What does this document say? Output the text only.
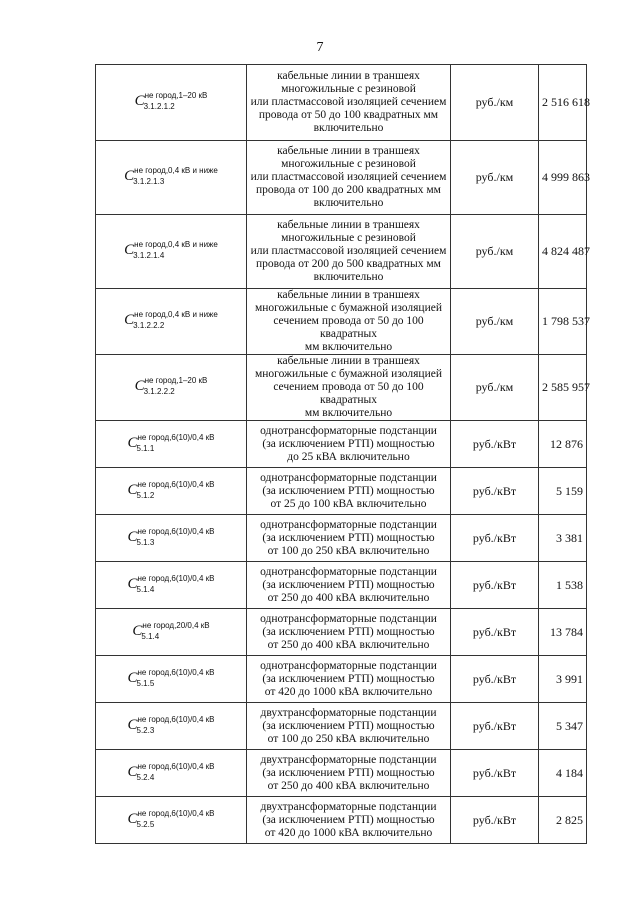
7
$C^{не город,1-20 кВ}$
3.1.2.1.2	кабельные линии в траншеях
многожильные с резиновой
или пластмассовой изоляцией сечением
провода от 50 до 100 квадратных мм
включительно	руб./км	2 516 618
$C^{не город,0,4 кВ и ниже}$
3.1.2.1.3	кабельные линии в траншеях
многожильные с резиновой
или пластмассовой изоляцией сечением
провода от 100 до 200 квадратных мм
включительно	руб./км	4 999 863
$C^{не город,0,4 кВ и ниже}$
3.1.2.1.4	кабельные линии в траншеях
многожильные с резиновой
или пластмассовой изоляцией сечением
провода от 200 до 500 квадратных мм
включительно	руб./км	4 824 487
$C^{не город,0,4 кВ и ниже}$
3.1.2.2.2	кабельные линии в траншеях
многожильные с бумажной изоляцией
сечением провода от 50 до 100 квадратных
мм включительно	руб./км	1 798 537
$C^{не город,1-20 кВ}$
3.1.2.2.2	кабельные линии в траншеях
многожильные с бумажной изоляцией
сечением провода от 50 до 100 квадратных
мм включительно	руб./км	2 585 957
$C^{не город,6(10)/0,4 кВ}$
5.1.1	однотрансформаторные подстанции
(за исключением РТП) мощностью
до 25 кВА включительно	руб./кВт	12 876
$C^{не город,6(10)/0,4 кВ}$
5.1.2	однотрансформаторные подстанции
(за исключением РТП) мощностью
от 25 до 100 кВА включительно	руб./кВт	5 159
$C^{не город,6(10)/0,4 кВ}$
5.1.3	однотрансформаторные подстанции
(за исключением РТП) мощностью
от 100 до 250 кВА включительно	руб./кВт	3 381
$C^{не город,6(10)/0,4 кВ}$
5.1.4	однотрансформаторные подстанции
(за исключением РТП) мощностью
от 250 до 400 кВА включительно	руб./кВт	1 538
$C^{не город,20/0,4 кВ}$
5.1.4	однотрансформаторные подстанции
(за исключением РТП) мощностью
от 250 до 400 кВА включительно	руб./кВт	13 784
$C^{не город,6(10)/0,4 кВ}$
5.1.5	однотрансформаторные подстанции
(за исключением РТП) мощностью
от 420 до 1000 кВА включительно	руб./кВт	3 991
$C^{не город,6(10)/0,4 кВ}$
5.2.3	двухтрансформаторные подстанции
(за исключением РТП) мощностью
от 100 до 250 кВА включительно	руб./кВт	5 347
$C^{не город,6(10)/0,4 кВ}$
5.2.4	двухтрансформаторные подстанции
(за исключением РТП) мощностью
от 250 до 400 кВА включительно	руб./кВт	4 184
$C^{не город,6(10)/0,4 кВ}$
5.2.5	двухтрансформаторные подстанции
(за исключением РТП) мощностью
от 420 до 1000 кВА включительно	руб./кВт	2 825
